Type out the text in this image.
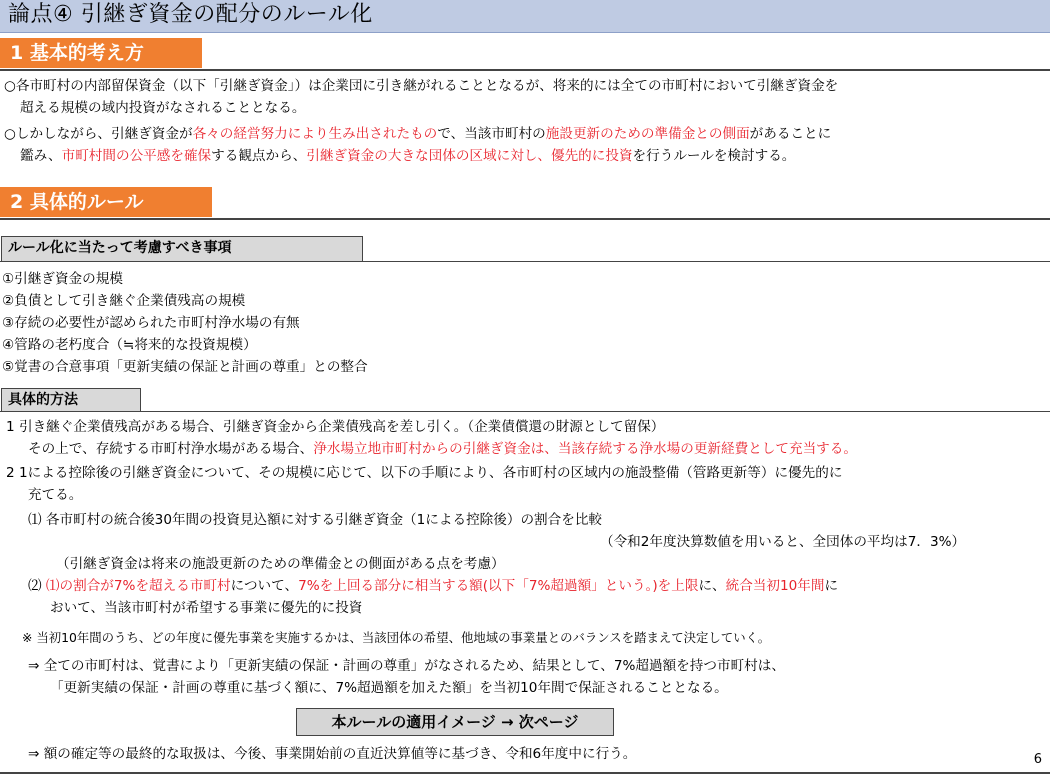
論点④ 引継ぎ資金の配分のルール化
1 基本的考え方
○各市町村の内部留保資金（以下「引継ぎ資金」）は企業団に引き継がれることとなるが、将来的には全ての市町村において引継ぎ資金を
超える規模の域内投資がなされることとなる。
○しかしながら、引継ぎ資金が各々の経営努力により生み出されたもので、当該市町村の施設更新のための準備金との側面があることに
鑑み、市町村間の公平感を確保する観点から、引継ぎ資金の大きな団体の区域に対し、優先的に投資を行うルールを検討する。
2 具体的ルール
ルール化に当たって考慮すべき事項
①引継ぎ資金の規模
②負債として引き継ぐ企業債残高の規模
③存続の必要性が認められた市町村浄水場の有無
④管路の老朽度合（≒将来的な投資規模）
⑤覚書の合意事項「更新実績の保証と計画の尊重」との整合
具体的方法
1 引き継ぐ企業債残高がある場合、引継ぎ資金から企業債残高を差し引く。（企業債償還の財源として留保）
その上で、存続する市町村浄水場がある場合、浄水場立地市町村からの引継ぎ資金は、当該存続する浄水場の更新経費として充当する。
2 1による控除後の引継ぎ資金について、その規模に応じて、以下の手順により、各市町村の区域内の施設整備（管路更新等）に優先的に
充てる。
⑴ 各市町村の統合後30年間の投資見込額に対する引継ぎ資金（1による控除後）の割合を比較
（令和2年度決算数値を用いると、全団体の平均は7．3%）
（引継ぎ資金は将来の施設更新のための準備金との側面がある点を考慮）
⑵ ⑴の割合が7%を超える市町村について、7%を上回る部分に相当する額(以下「7%超過額」という。)を上限に、統合当初10年間に
おいて、当該市町村が希望する事業に優先的に投資
※ 当初10年間のうち、どの年度に優先事業を実施するかは、当該団体の希望、他地域の事業量とのバランスを踏まえて決定していく。
⇒ 全ての市町村は、覚書により「更新実績の保証・計画の尊重」がなされるため、結果として、7%超過額を持つ市町村は、
「更新実績の保証・計画の尊重に基づく額に、7%超過額を加えた額」を当初10年間で保証されることとなる。
本ルールの適用イメージ → 次ページ
⇒ 額の確定等の最終的な取扱は、今後、事業開始前の直近決算値等に基づき、令和6年度中に行う。	6
